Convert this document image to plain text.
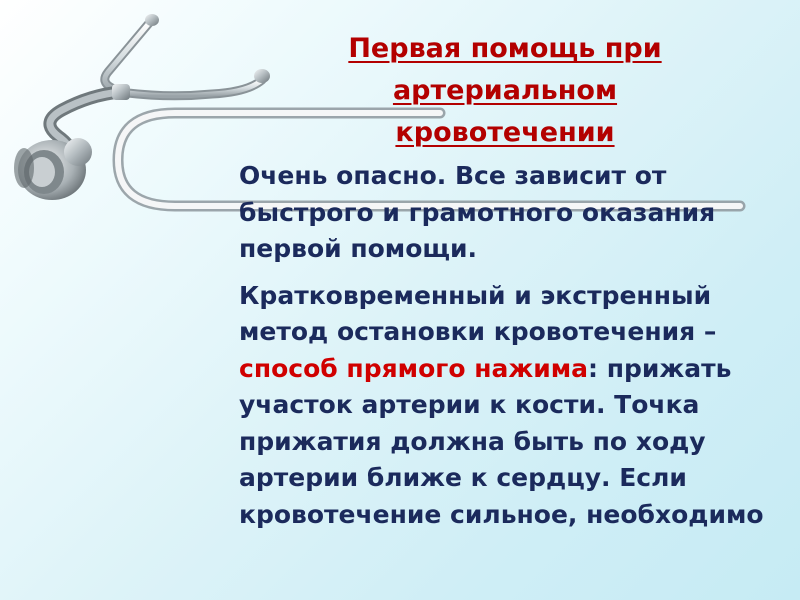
Первая помощь при артериальном кровотечении

Очень опасно. Все зависит от быстрого и грамотного оказания первой помощи.

Кратковременный и экстренный метод остановки кровотечения – способ прямого нажима: прижать участок артерии к кости. Точка прижатия должна быть по ходу артерии ближе к сердцу. Если кровотечение сильное, необходимо
